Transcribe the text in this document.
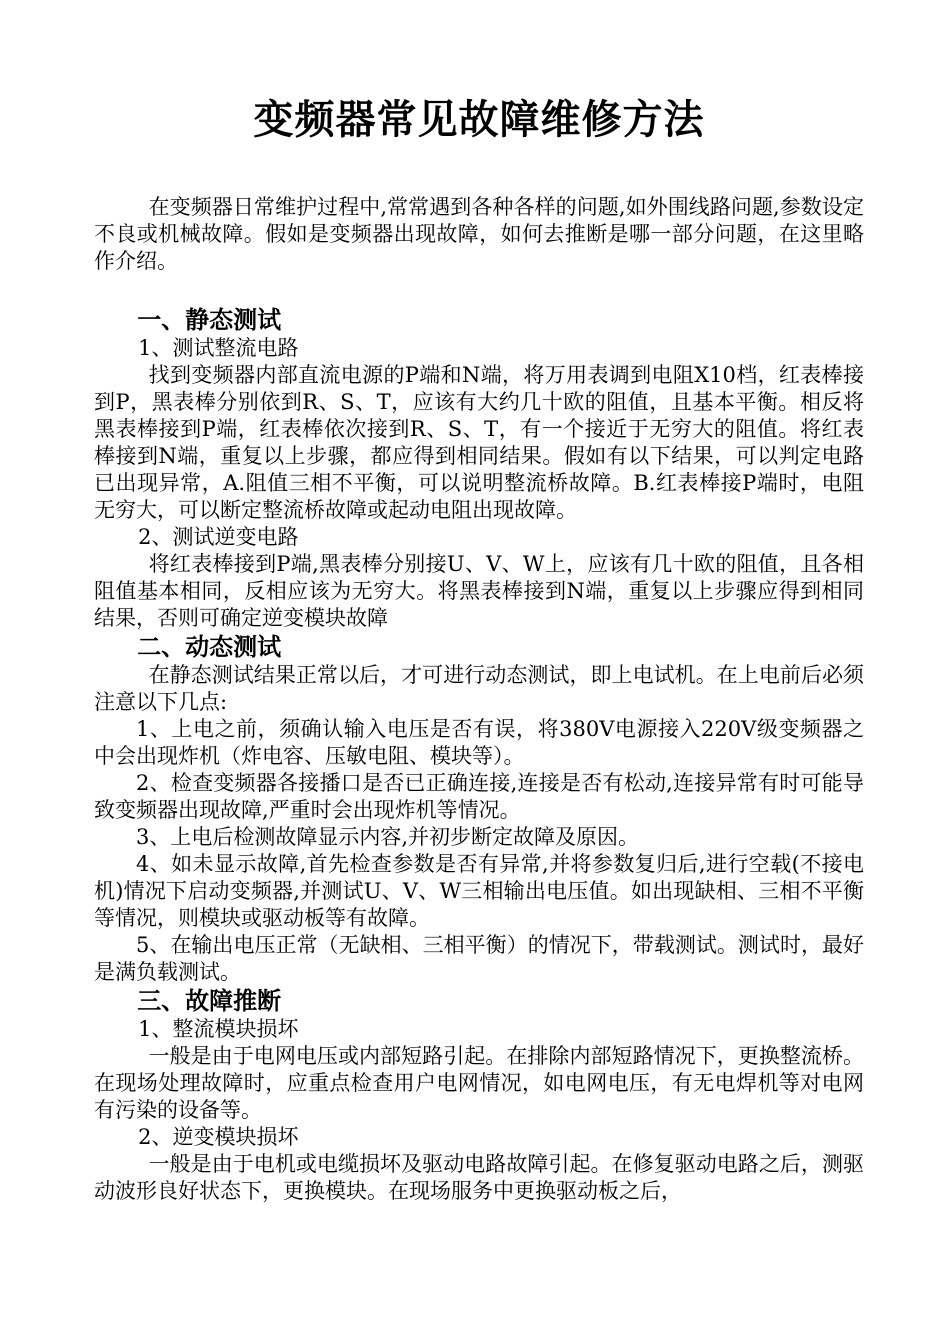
变频器常见故障维修方法

在变频器日常维护过程中,常常遇到各种各样的问题,如外围线路问题,参数设定不良或机械故障。假如是变频器出现故障，如何去推断是哪一部分问题，在这里略作介绍。

一、静态测试

1、测试整流电路

找到变频器内部直流电源的P端和N端，将万用表调到电阻X10档，红表棒接到P，黑表棒分别依到R、S、T，应该有大约几十欧的阻值，且基本平衡。相反将黑表棒接到P端，红表棒依次接到R、S、T，有一个接近于无穷大的阻值。将红表棒接到N端，重复以上步骤，都应得到相同结果。假如有以下结果，可以判定电路已出现异常，A.阻值三相不平衡，可以说明整流桥故障。B.红表棒接P端时，电阻无穷大，可以断定整流桥故障或起动电阻出现故障。

2、测试逆变电路

将红表棒接到P端,黑表棒分别接U、V、W上，应该有几十欧的阻值，且各相阻值基本相同，反相应该为无穷大。将黑表棒接到N端，重复以上步骤应得到相同结果，否则可确定逆变模块故障

二、动态测试

在静态测试结果正常以后，才可进行动态测试，即上电试机。在上电前后必须注意以下几点:

1、上电之前，须确认输入电压是否有误，将380V电源接入220V级变频器之中会出现炸机（炸电容、压敏电阻、模块等）。

2、检查变频器各接播口是否已正确连接,连接是否有松动,连接异常有时可能导致变频器出现故障,严重时会出现炸机等情况。

3、上电后检测故障显示内容,并初步断定故障及原因。

4、如未显示故障,首先检查参数是否有异常,并将参数复归后,进行空载(不接电机)情况下启动变频器,并测试U、V、W三相输出电压值。如出现缺相、三相不平衡等情况，则模块或驱动板等有故障。

5、在输出电压正常（无缺相、三相平衡）的情况下，带载测试。测试时，最好是满负载测试。

三、故障推断

1、整流模块损坏

一般是由于电网电压或内部短路引起。在排除内部短路情况下，更换整流桥。在现场处理故障时，应重点检查用户电网情况，如电网电压，有无电焊机等对电网有污染的设备等。

2、逆变模块损坏

一般是由于电机或电缆损坏及驱动电路故障引起。在修复驱动电路之后，测驱动波形良好状态下，更换模块。在现场服务中更换驱动板之后，
